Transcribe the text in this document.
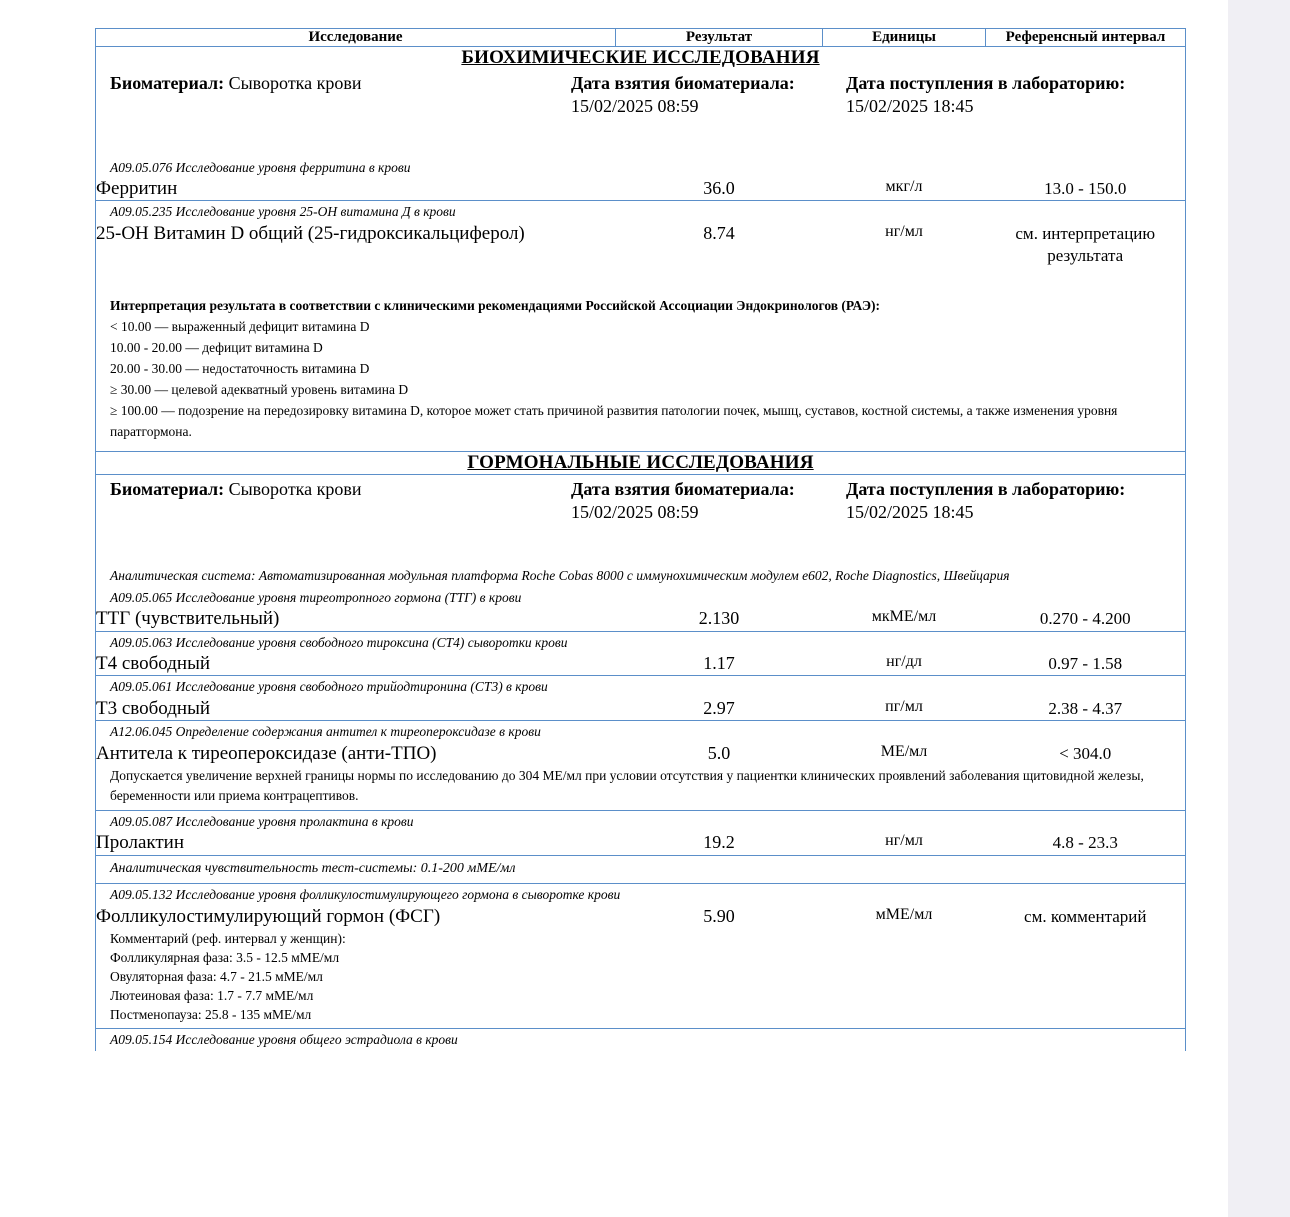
Исследование	Результат	Единицы	Референсный интервал
БИОХИМИЧЕСКИЕ ИССЛЕДОВАНИЯ			

Биоматериал: Сыворотка крови Дата взятия биоматериала:
15/02/2025 08:59
Дата поступления в лабораторию:
15/02/2025 18:45			

A09.05.076 Исследование уровня ферритина в крови			

Ферритин	36.0	мкг/л	13.0 - 150.0

A09.05.235 Исследование уровня 25-ОН витамина Д в крови			

25-ОН Витамин D общий (25-гидроксикальциферол)	8.74	нг/мл	см. интерпретацию результата

Интерпретация результата в соответствии с клиническими рекомендациями Российской Ассоциации Эндокринологов (РАЭ):
< 10.00 — выраженный дефицит витамина D
10.00 - 20.00 — дефицит витамина D
20.00 - 30.00 — недостаточность витамина D
≥ 30.00 — целевой адекватный уровень витамина D
≥ 100.00 — подозрение на передозировку витамина D, которое может стать причиной развития патологии почек, мышц, суставов, костной системы, а также изменения уровня паратгормона.

ГОРМОНАЛЬНЫЕ ИССЛЕДОВАНИЯ			

Биоматериал: Сыворотка крови	Дата взятия биоматериала:
15/02/2025 08:59
Дата поступления в лабораторию:
15/02/2025 18:45
Аналитическая система: Автоматизированная модульная платформа Roche Cobas 8000 с иммунохимическим модулем e602, Roche Diagnostics, Швейцария

A09.05.065 Исследование уровня тиреотропного гормона (ТТГ) в крови			

ТТГ (чувствительный)	2.130	мкМЕ/мл	0.270 - 4.200

A09.05.063 Исследование уровня свободного тироксина (СТ4) сыворотки крови			

Т4 свободный	1.17	нг/дл	0.97 - 1.58

A09.05.061 Исследование уровня свободного трийодтиронина (СТ3) в крови			

Т3 свободный	2.97	пг/мл	2.38 - 4.37

A12.06.045 Определение содержания антител к тиреопероксидазе в крови			

Антитела к тиреопероксидазе (анти-ТПО)	5.0	МЕ/мл	< 304.0

Допускается увеличение верхней границы нормы по исследованию до 304 МЕ/мл при условии отсутствия у пациентки клинических проявлений заболевания щитовидной железы, беременности или приема контрацептивов.			

A09.05.087 Исследование уровня пролактина в крови			

Пролактин	19.2	нг/мл	4.8 - 23.3

Аналитическая чувствительность тест-системы: 0.1-200 мМЕ/мл			

A09.05.132 Исследование уровня фолликулостимулирующего гормона в сыворотке крови			

Фолликулостимулирующий гормон (ФСГ)	5.90	мМЕ/мл	см. комментарий

Комментарий (реф. интервал у женщин):
Фолликулярная фаза: 3.5 - 12.5 мМЕ/мл
Овуляторная фаза: 4.7 - 21.5 мМЕ/мл
Лютеиновая фаза: 1.7 - 7.7 мМЕ/мл
Постменопауза: 25.8 - 135 мМЕ/мл			

A09.05.154 Исследование уровня общего эстрадиола в крови			
